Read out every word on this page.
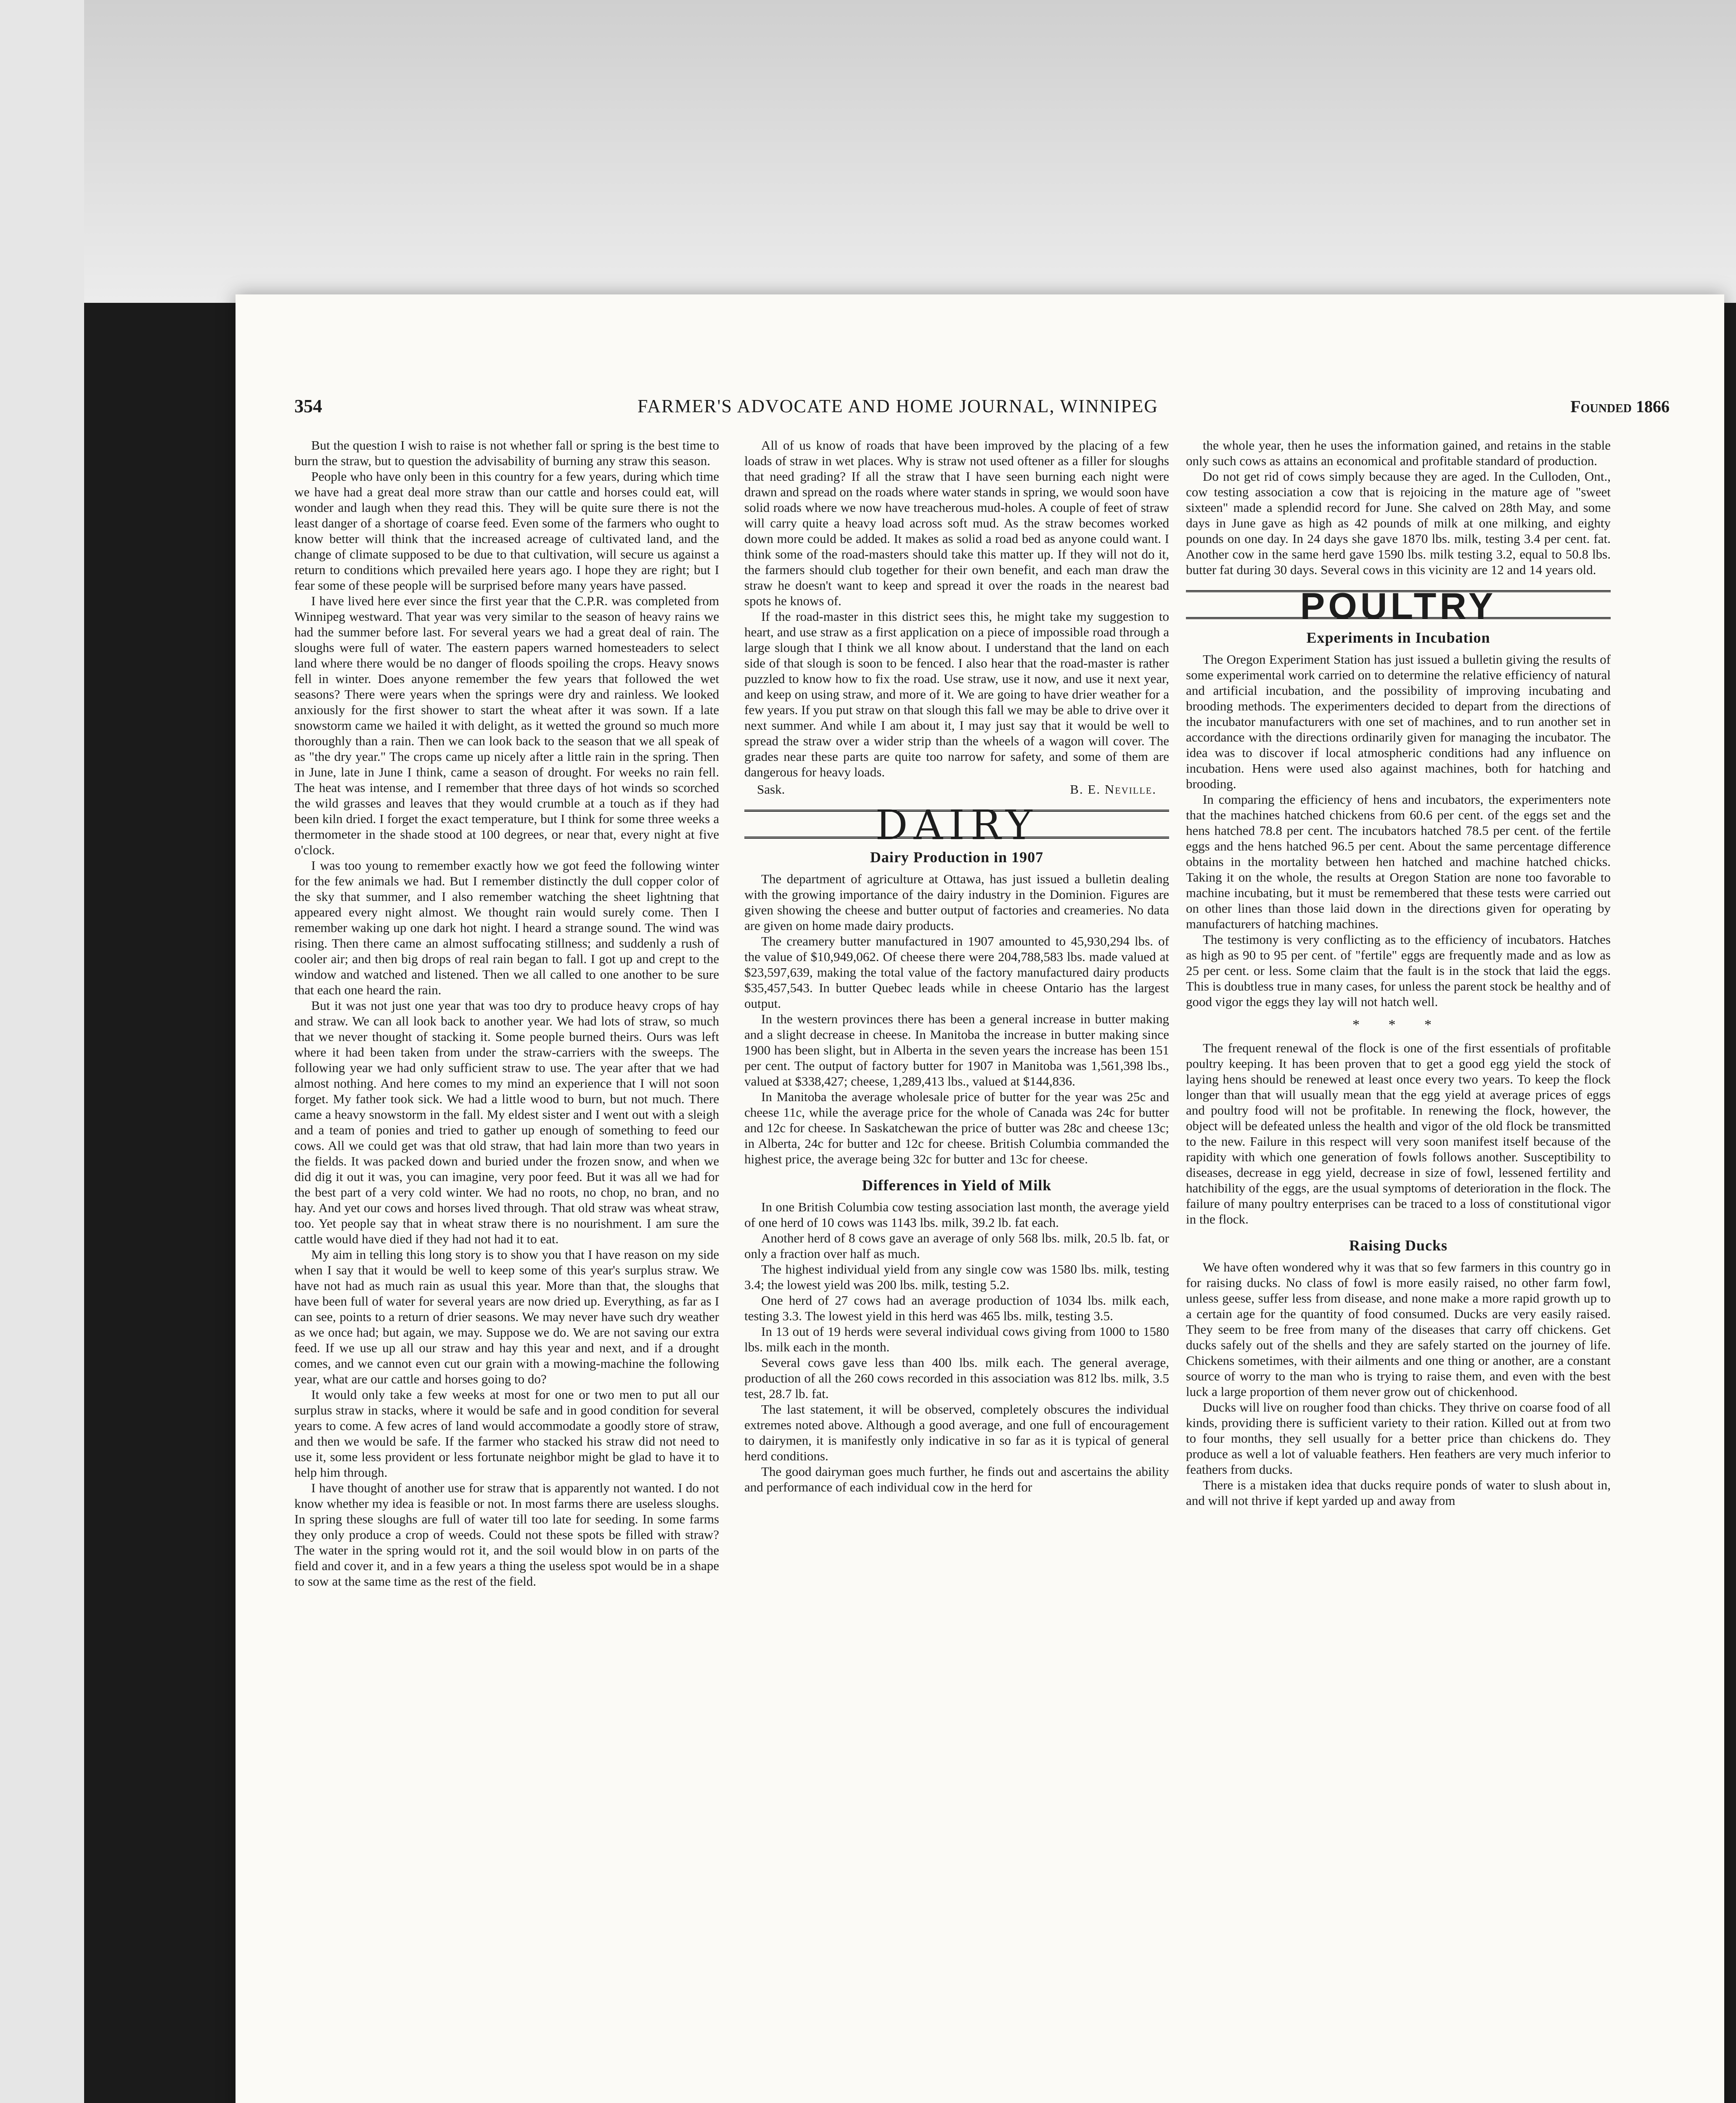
354	FARMER'S ADVOCATE AND HOME JOURNAL, WINNIPEG	Founded 1866

But the question I wish to raise is not whether fall or spring is the best time to burn the straw, but to question the advisability of burning any straw this season.

People who have only been in this country for a few years, during which time we have had a great deal more straw than our cattle and horses could eat, will wonder and laugh when they read this. They will be quite sure there is not the least danger of a shortage of coarse feed. Even some of the farmers who ought to know better will think that the increased acreage of cultivated land, and the change of climate supposed to be due to that cultivation, will secure us against a return to conditions which prevailed here years ago. I hope they are right; but I fear some of these people will be surprised before many years have passed.

I have lived here ever since the first year that the C.P.R. was completed from Winnipeg westward. That year was very similar to the season of heavy rains we had the summer before last. For several years we had a great deal of rain. The sloughs were full of water. The eastern papers warned homesteaders to select land where there would be no danger of floods spoiling the crops. Heavy snows fell in winter. Does anyone remember the few years that followed the wet seasons? There were years when the springs were dry and rainless. We looked anxiously for the first shower to start the wheat after it was sown. If a late snowstorm came we hailed it with delight, as it wetted the ground so much more thoroughly than a rain. Then we can look back to the season that we all speak of as "the dry year." The crops came up nicely after a little rain in the spring. Then in June, late in June I think, came a season of drought. For weeks no rain fell. The heat was intense, and I remember that three days of hot winds so scorched the wild grasses and leaves that they would crumble at a touch as if they had been kiln dried. I forget the exact temperature, but I think for some three weeks a thermometer in the shade stood at 100 degrees, or near that, every night at five o'clock.

I was too young to remember exactly how we got feed the following winter for the few animals we had. But I remember distinctly the dull copper color of the sky that summer, and I also remember watching the sheet lightning that appeared every night almost. We thought rain would surely come. Then I remember waking up one dark hot night. I heard a strange sound. The wind was rising. Then there came an almost suffocating stillness; and suddenly a rush of cooler air; and then big drops of real rain began to fall. I got up and crept to the window and watched and listened. Then we all called to one another to be sure that each one heard the rain.

But it was not just one year that was too dry to produce heavy crops of hay and straw. We can all look back to another year. We had lots of straw, so much that we never thought of stacking it. Some people burned theirs. Ours was left where it had been taken from under the straw-carriers with the sweeps. The following year we had only sufficient straw to use. The year after that we had almost nothing. And here comes to my mind an experience that I will not soon forget. My father took sick. We had a little wood to burn, but not much. There came a heavy snowstorm in the fall. My eldest sister and I went out with a sleigh and a team of ponies and tried to gather up enough of something to feed our cows. All we could get was that old straw, that had lain more than two years in the fields. It was packed down and buried under the frozen snow, and when we did dig it out it was, you can imagine, very poor feed. But it was all we had for the best part of a very cold winter. We had no roots, no chop, no bran, and no hay. And yet our cows and horses lived through. That old straw was wheat straw, too. Yet people say that in wheat straw there is no nourishment. I am sure the cattle would have died if they had not had it to eat.

My aim in telling this long story is to show you that I have reason on my side when I say that it would be well to keep some of this year's surplus straw. We have not had as much rain as usual this year. More than that, the sloughs that have been full of water for several years are now dried up. Everything, as far as I can see, points to a return of drier seasons. We may never have such dry weather as we once had; but again, we may. Suppose we do. We are not saving our extra feed. If we use up all our straw and hay this year and next, and if a drought comes, and we cannot even cut our grain with a mowing-machine the following year, what are our cattle and horses going to do?

It would only take a few weeks at most for one or two men to put all our surplus straw in stacks, where it would be safe and in good condition for several years to come. A few acres of land would accommodate a goodly store of straw, and then we would be safe. If the farmer who stacked his straw did not need to use it, some less provident or less fortunate neighbor might be glad to have it to help him through.

I have thought of another use for straw that is apparently not wanted. I do not know whether my idea is feasible or not. In most farms there are useless sloughs. In spring these sloughs are full of water till too late for seeding. In some farms they only produce a crop of weeds. Could not these spots be filled with straw? The water in the spring would rot it, and the soil would blow in on parts of the field and cover it, and in a few years a thing the useless spot would be in a shape to sow at the same time as the rest of the field.

All of us know of roads that have been improved by the placing of a few loads of straw in wet places. Why is straw not used oftener as a filler for sloughs that need grading? If all the straw that I have seen burning each night were drawn and spread on the roads where water stands in spring, we would soon have solid roads where we now have treacherous mud-holes. A couple of feet of straw will carry quite a heavy load across soft mud. As the straw becomes worked down more could be added. It makes as solid a road bed as anyone could want. I think some of the road-masters should take this matter up. If they will not do it, the farmers should club together for their own benefit, and each man draw the straw he doesn't want to keep and spread it over the roads in the nearest bad spots he knows of.

If the road-master in this district sees this, he might take my suggestion to heart, and use straw as a first application on a piece of impossible road through a large slough that I think we all know about. I understand that the land on each side of that slough is soon to be fenced. I also hear that the road-master is rather puzzled to know how to fix the road. Use straw, use it now, and use it next year, and keep on using straw, and more of it. We are going to have drier weather for a few years. If you put straw on that slough this fall we may be able to drive over it next summer. And while I am about it, I may just say that it would be well to spread the straw over a wider strip than the wheels of a wagon will cover. The grades near these parts are quite too narrow for safety, and some of them are dangerous for heavy loads.

Sask.	B. E. Neville.
DAIRY
Dairy Production in 1907

The department of agriculture at Ottawa, has just issued a bulletin dealing with the growing importance of the dairy industry in the Dominion. Figures are given showing the cheese and butter output of factories and creameries. No data are given on home made dairy products.

The creamery butter manufactured in 1907 amounted to 45,930,294 lbs. of the value of $10,949,062. Of cheese there were 204,788,583 lbs. made valued at $23,597,639, making the total value of the factory manufactured dairy products $35,457,543. In butter Quebec leads while in cheese Ontario has the largest output.

In the western provinces there has been a general increase in butter making and a slight decrease in cheese. In Manitoba the increase in butter making since 1900 has been slight, but in Alberta in the seven years the increase has been 151 per cent. The output of factory butter for 1907 in Manitoba was 1,561,398 lbs., valued at $338,427; cheese, 1,289,413 lbs., valued at $144,836.

In Manitoba the average wholesale price of butter for the year was 25c and cheese 11c, while the average price for the whole of Canada was 24c for butter and 12c for cheese. In Saskatchewan the price of butter was 28c and cheese 13c; in Alberta, 24c for butter and 12c for cheese. British Columbia commanded the highest price, the average being 32c for butter and 13c for cheese.

Differences in Yield of Milk

In one British Columbia cow testing association last month, the average yield of one herd of 10 cows was 1143 lbs. milk, 39.2 lb. fat each.

Another herd of 8 cows gave an average of only 568 lbs. milk, 20.5 lb. fat, or only a fraction over half as much.

The highest individual yield from any single cow was 1580 lbs. milk, testing 3.4; the lowest yield was 200 lbs. milk, testing 5.2.

One herd of 27 cows had an average production of 1034 lbs. milk each, testing 3.3. The lowest yield in this herd was 465 lbs. milk, testing 3.5.

In 13 out of 19 herds were several individual cows giving from 1000 to 1580 lbs. milk each in the month.

Several cows gave less than 400 lbs. milk each. The general average, production of all the 260 cows recorded in this association was 812 lbs. milk, 3.5 test, 28.7 lb. fat.

The last statement, it will be observed, completely obscures the individual extremes noted above. Although a good average, and one full of encouragement to dairymen, it is manifestly only indicative in so far as it is typical of general herd conditions.

The good dairyman goes much further, he finds out and ascertains the ability and performance of each individual cow in the herd for

the whole year, then he uses the information gained, and retains in the stable only such cows as attains an economical and profitable standard of production.

Do not get rid of cows simply because they are aged. In the Culloden, Ont., cow testing association a cow that is rejoicing in the mature age of "sweet sixteen" made a splendid record for June. She calved on 28th May, and some days in June gave as high as 42 pounds of milk at one milking, and eighty pounds on one day. In 24 days she gave 1870 lbs. milk, testing 3.4 per cent. fat. Another cow in the same herd gave 1590 lbs. milk testing 3.2, equal to 50.8 lbs. butter fat during 30 days. Several cows in this vicinity are 12 and 14 years old.

POULTRY
Experiments in Incubation

The Oregon Experiment Station has just issued a bulletin giving the results of some experimental work carried on to determine the relative efficiency of natural and artificial incubation, and the possibility of improving incubating and brooding methods. The experimenters decided to depart from the directions of the incubator manufacturers with one set of machines, and to run another set in accordance with the directions ordinarily given for managing the incubator. The idea was to discover if local atmospheric conditions had any influence on incubation. Hens were used also against machines, both for hatching and brooding.

In comparing the efficiency of hens and incubators, the experimenters note that the machines hatched chickens from 60.6 per cent. of the eggs set and the hens hatched 78.8 per cent. The incubators hatched 78.5 per cent. of the fertile eggs and the hens hatched 96.5 per cent. About the same percentage difference obtains in the mortality between hen hatched and machine hatched chicks. Taking it on the whole, the results at Oregon Station are none too favorable to machine incubating, but it must be remembered that these tests were carried out on other lines than those laid down in the directions given for operating by manufacturers of hatching machines.

The testimony is very conflicting as to the efficiency of incubators. Hatches as high as 90 to 95 per cent. of "fertile" eggs are frequently made and as low as 25 per cent. or less. Some claim that the fault is in the stock that laid the eggs. This is doubtless true in many cases, for unless the parent stock be healthy and of good vigor the eggs they lay will not hatch well.

* * *

The frequent renewal of the flock is one of the first essentials of profitable poultry keeping. It has been proven that to get a good egg yield the stock of laying hens should be renewed at least once every two years. To keep the flock longer than that will usually mean that the egg yield at average prices of eggs and poultry food will not be profitable. In renewing the flock, however, the object will be defeated unless the health and vigor of the old flock be transmitted to the new. Failure in this respect will very soon manifest itself because of the rapidity with which one generation of fowls follows another. Susceptibility to diseases, decrease in egg yield, decrease in size of fowl, lessened fertility and hatchibility of the eggs, are the usual symptoms of deterioration in the flock. The failure of many poultry enterprises can be traced to a loss of constitutional vigor in the flock.

Raising Ducks

We have often wondered why it was that so few farmers in this country go in for raising ducks. No class of fowl is more easily raised, no other farm fowl, unless geese, suffer less from disease, and none make a more rapid growth up to a certain age for the quantity of food consumed. Ducks are very easily raised. They seem to be free from many of the diseases that carry off chickens. Get ducks safely out of the shells and they are safely started on the journey of life. Chickens sometimes, with their ailments and one thing or another, are a constant source of worry to the man who is trying to raise them, and even with the best luck a large proportion of them never grow out of chickenhood.

Ducks will live on rougher food than chicks. They thrive on coarse food of all kinds, providing there is sufficient variety to their ration. Killed out at from two to four months, they sell usually for a better price than chickens do. They produce as well a lot of valuable feathers. Hen feathers are very much inferior to feathers from ducks.

There is a mistaken idea that ducks require ponds of water to slush about in, and will not thrive if kept yarded up and away from
